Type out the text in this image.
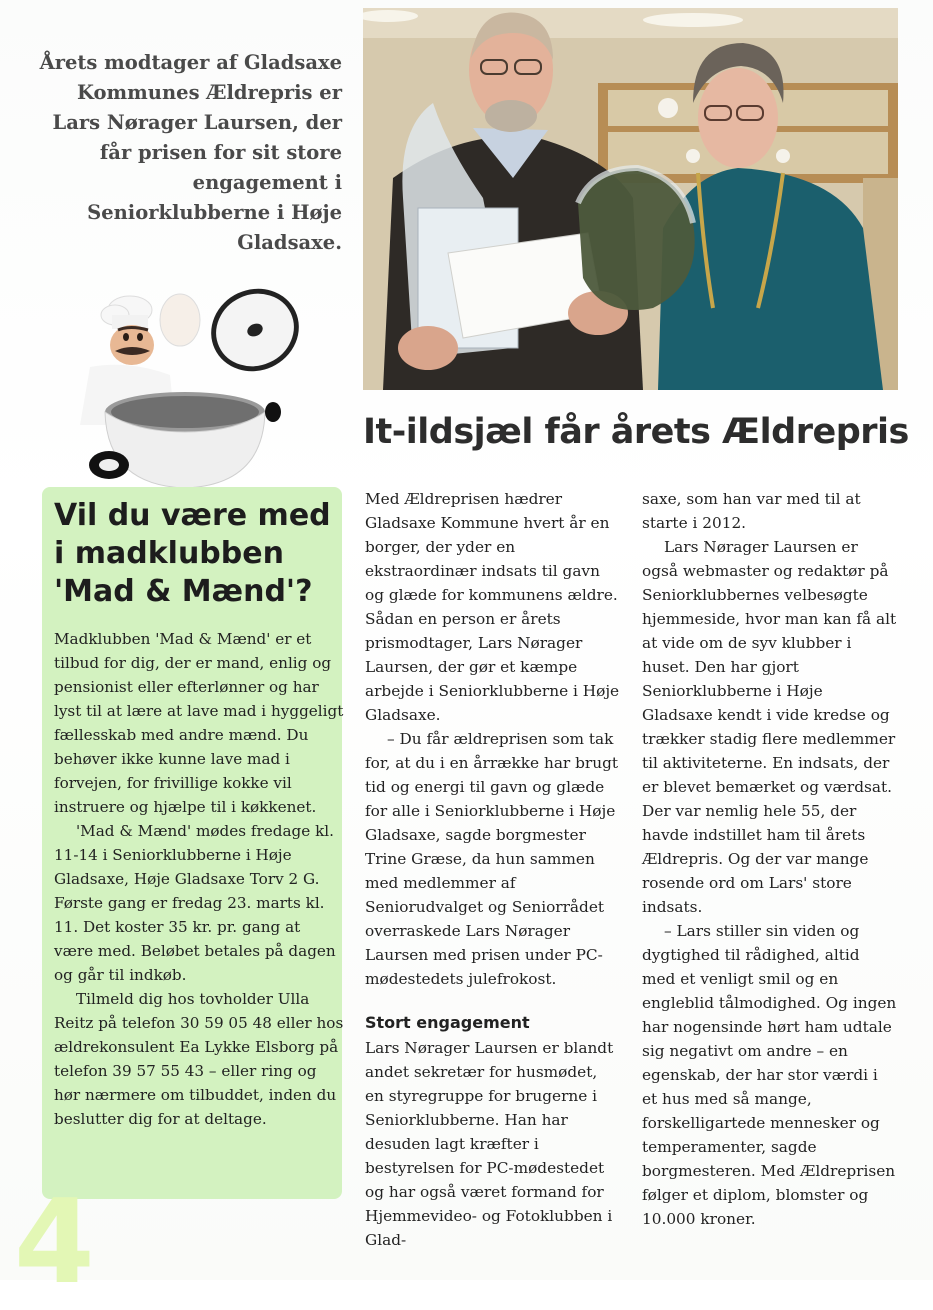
Årets modtager af Gladsaxe Kommunes Ældrepris er Lars Nørager Laursen, der får prisen for sit store engagement i Seniorklubberne i Høje Gladsaxe.
It-ildsjæl får årets Ældrepris
Vil du være med i madklubben 'Mad & Mænd'?

Madklubben 'Mad & Mænd' er et tilbud for dig, der er mand, enlig og pensionist eller efterlønner og har lyst til at lære at lave mad i hyggeligt fællesskab med andre mænd. Du behøver ikke kunne lave mad i forvejen, for frivillige kokke vil instruere og hjælpe til i køkkenet.

'Mad & Mænd' mødes fredage kl. 11-14 i Seniorklubberne i Høje Gladsaxe, Høje Gladsaxe Torv 2 G. Første gang er fredag 23. marts kl. 11. Det koster 35 kr. pr. gang at være med. Beløbet betales på dagen og går til indkøb.

Tilmeld dig hos tovholder Ulla Reitz på telefon 30 59 05 48 eller hos ældrekonsulent Ea Lykke Elsborg på telefon 39 57 55 43 – eller ring og hør nærmere om tilbuddet, inden du beslutter dig for at deltage.

4

Med Ældreprisen hædrer Gladsaxe Kommune hvert år en borger, der yder en ekstraordinær indsats til gavn og glæde for kommunens ældre. Sådan en person er årets prismodtager, Lars Nørager Laursen, der gør et kæmpe arbejde i Seniorklubberne i Høje Gladsaxe.

– Du får ældreprisen som tak for, at du i en årrække har brugt tid og energi til gavn og glæde for alle i Seniorklubberne i Høje Gladsaxe, sagde borgmester Trine Græse, da hun sammen med medlemmer af Seniorudvalget og Seniorrådet overraskede Lars Nørager Laursen med prisen under PC-mødestedets julefrokost.

Stort engagement

Lars Nørager Laursen er blandt andet sekretær for husmødet, en styregruppe for brugerne i Seniorklubberne. Han har desuden lagt kræfter i bestyrelsen for PC-mødestedet og har også været formand for Hjemmevideo- og Fotoklubben i Glad-

saxe, som han var med til at starte i 2012.

Lars Nørager Laursen er også webmaster og redaktør på Seniorklubbernes velbesøgte hjemmeside, hvor man kan få alt at vide om de syv klubber i huset. Den har gjort Seniorklubberne i Høje Gladsaxe kendt i vide kredse og trækker stadig flere medlemmer til aktiviteterne. En indsats, der er blevet bemærket og værdsat. Der var nemlig hele 55, der havde indstillet ham til årets Ældrepris. Og der var mange rosende ord om Lars' store indsats.

– Lars stiller sin viden og dygtighed til rådighed, altid med et venligt smil og en engleblid tålmodighed. Og ingen har nogensinde hørt ham udtale sig negativt om andre – en egenskab, der har stor værdi i et hus med så mange, forskelligartede mennesker og temperamenter, sagde borgmesteren. Med Ældreprisen følger et diplom, blomster og 10.000 kroner.
